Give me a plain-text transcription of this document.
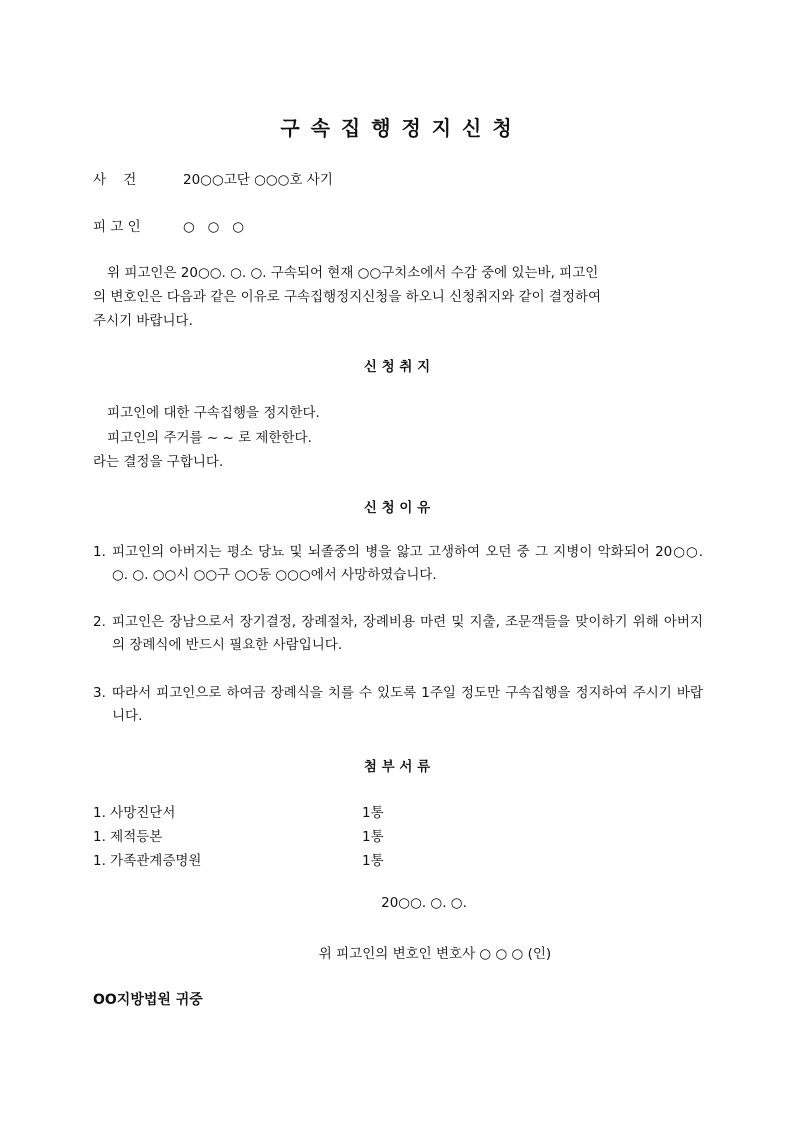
구 속 집 행 정 지 신 청
사    건	20○○고단 ○○○호 사기
피 고 인	○   ○   ○
위 피고인은 20○○. ○. ○. 구속되어 현재 ○○구치소에서 수감 중에 있는바, 피고인
의 변호인은 다음과 같은 이유로 구속집행정지신청을 하오니 신청취지와 같이 결정하여
주시기 바랍니다.
신 청 취 지
피고인에 대한 구속집행을 정지한다.
피고인의 주거를 ~ ~ 로 제한한다.
라는 결정을 구합니다.
신 청 이 유
1. 피고인의 아버지는 평소 당뇨 및 뇌졸중의 병을 앓고 고생하여 오던 중 그 지병이 악화되어 20○○. ○. ○. ○○시 ○○구 ○○동 ○○○에서 사망하였습니다.
2. 피고인은 장남으로서 장기결정, 장례절차, 장례비용 마련 및 지출, 조문객들을 맞이하기 위해 아버지의 장례식에 반드시 필요한 사람입니다.
3. 따라서 피고인으로 하여금 장례식을 치를 수 있도록 1주일 정도만 구속집행을 정지하여 주시기 바랍니다.
첨 부 서 류
1. 사망진단서	1통
1. 제적등본	1통
1. 가족관계증명원	1통
20○○. ○. ○.
위 피고인의 변호인 변호사 ○ ○ ○ (인)
OO지방법원 귀중
